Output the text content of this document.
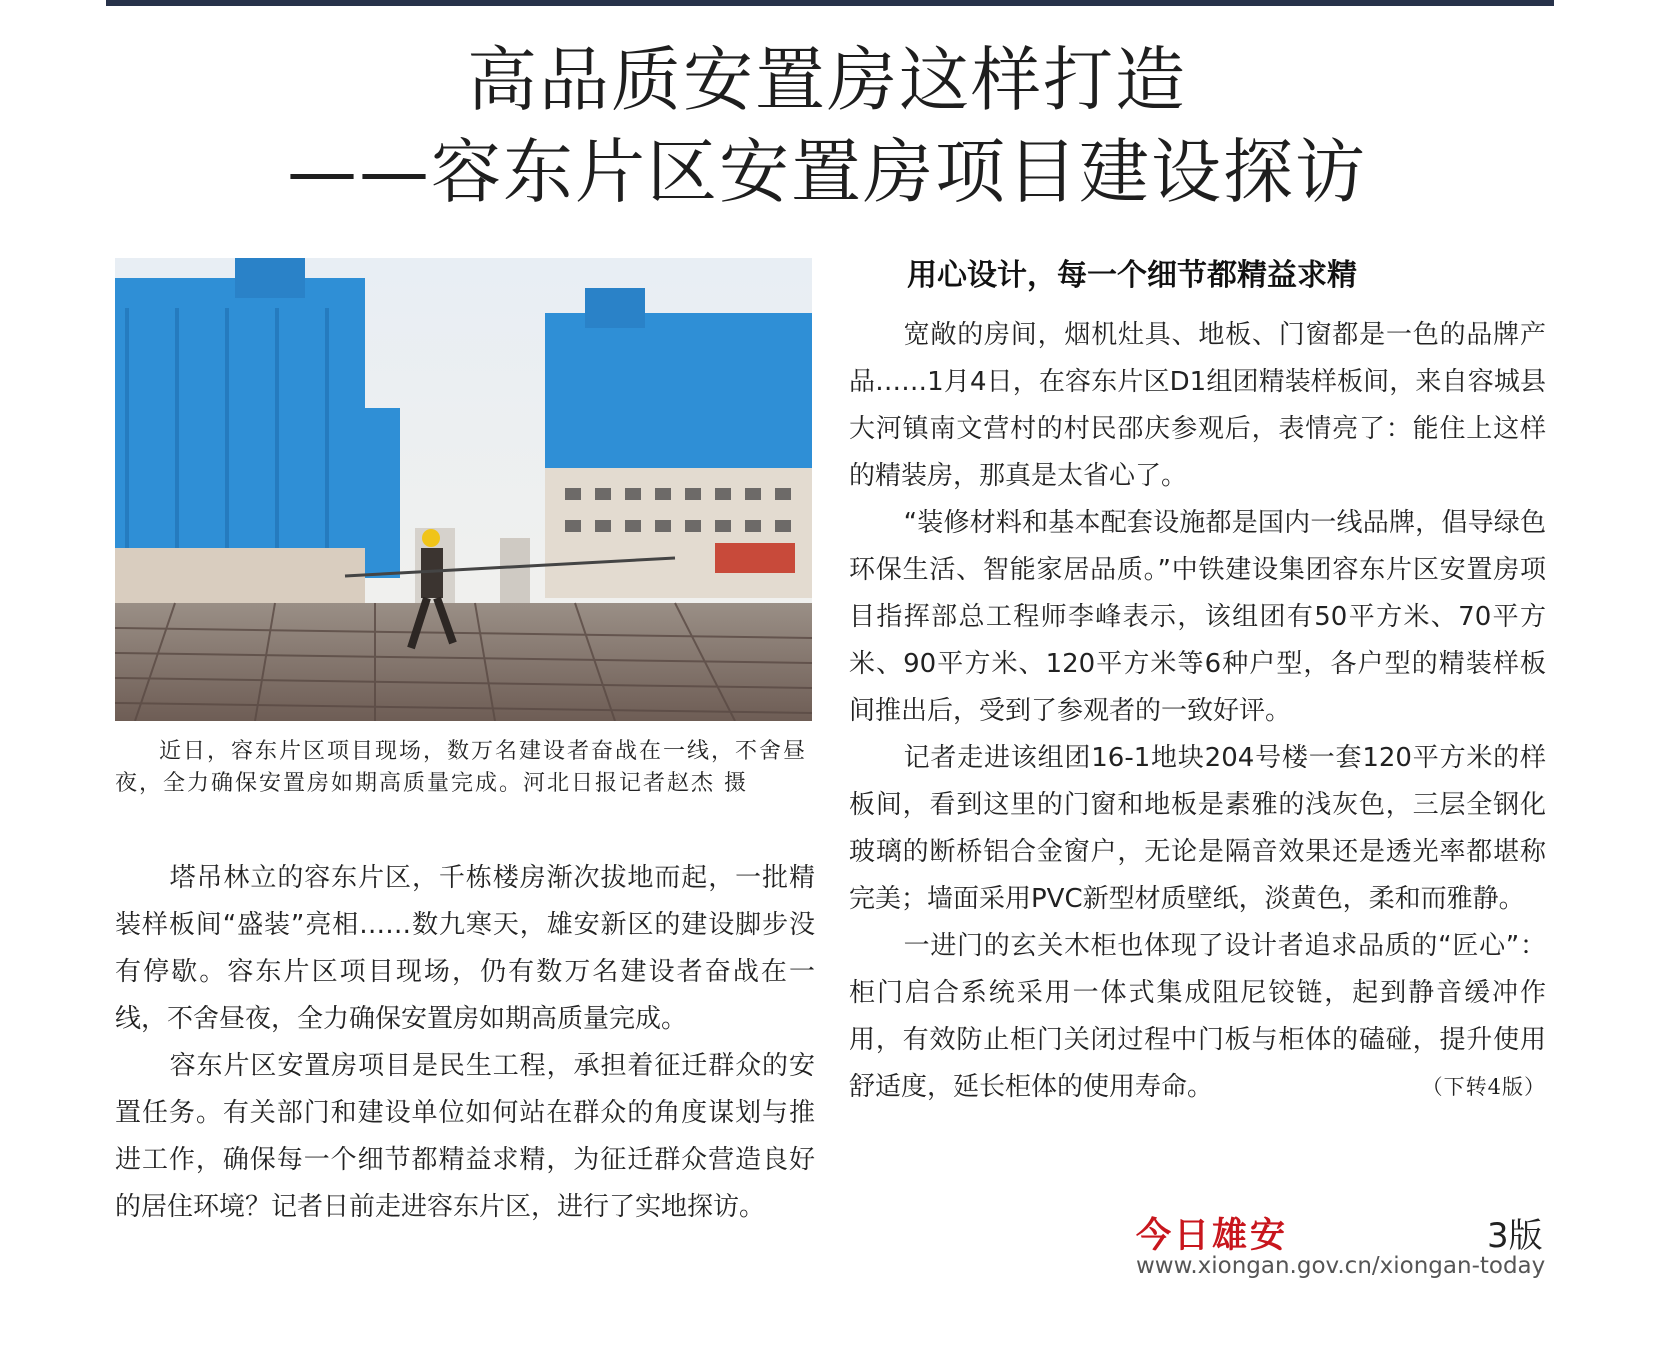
高品质安置房这样打造
——容东片区安置房项目建设探访

近日，容东片区项目现场，数万名建设者奋战在一线，不舍昼夜，全力确保安置房如期高质量完成。河北日报记者赵杰 摄

塔吊林立的容东片区，千栋楼房渐次拔地而起，一批精装样板间“盛装”亮相……数九寒天，雄安新区的建设脚步没有停歇。容东片区项目现场，仍有数万名建设者奋战在一线，不舍昼夜，全力确保安置房如期高质量完成。

容东片区安置房项目是民生工程，承担着征迁群众的安置任务。有关部门和建设单位如何站在群众的角度谋划与推进工作，确保每一个细节都精益求精，为征迁群众营造良好的居住环境？记者日前走进容东片区，进行了实地探访。

用心设计，每一个细节都精益求精

宽敞的房间，烟机灶具、地板、门窗都是一色的品牌产品……1月4日，在容东片区D1组团精装样板间，来自容城县大河镇南文营村的村民邵庆参观后，表情亮了：能住上这样的精装房，那真是太省心了。

“装修材料和基本配套设施都是国内一线品牌，倡导绿色环保生活、智能家居品质。”中铁建设集团容东片区安置房项目指挥部总工程师李峰表示，该组团有50平方米、70平方米、90平方米、120平方米等6种户型，各户型的精装样板间推出后，受到了参观者的一致好评。

记者走进该组团16-1地块204号楼一套120平方米的样板间，看到这里的门窗和地板是素雅的浅灰色，三层全钢化玻璃的断桥铝合金窗户，无论是隔音效果还是透光率都堪称完美；墙面采用PVC新型材质壁纸，淡黄色，柔和而雅静。

一进门的玄关木柜也体现了设计者追求品质的“匠心”：柜门启合系统采用一体式集成阻尼铰链，起到静音缓冲作用，有效防止柜门关闭过程中门板与柜体的磕碰，提升使用舒适度，延长柜体的使用寿命。	（下转4版）

今日雄安	3版
www.xiongan.gov.cn/xiongan-today
